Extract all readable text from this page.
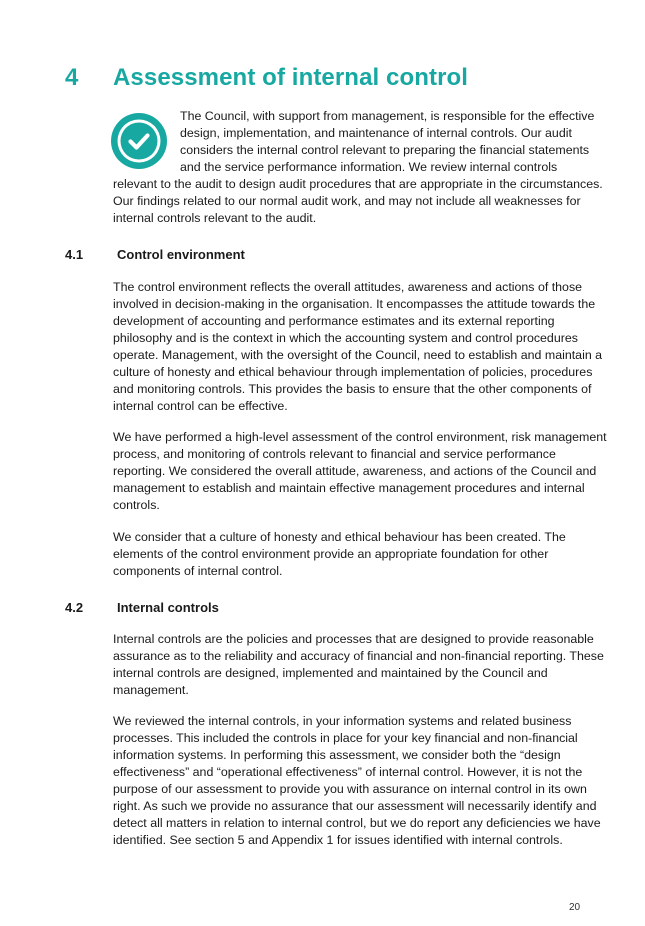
4 Assessment of internal control
The Council, with support from management, is responsible for the effective
design, implementation, and maintenance of internal controls. Our audit
considers the internal control relevant to preparing the financial statements
and the service performance information. We review internal controls
relevant to the audit to design audit procedures that are appropriate in the circumstances.
Our findings related to our normal audit work, and may not include all weaknesses for
internal controls relevant to the audit.
4.1	Control environment
The control environment reflects the overall attitudes, awareness and actions of those
involved in decision-making in the organisation. It encompasses the attitude towards the
development of accounting and performance estimates and its external reporting
philosophy and is the context in which the accounting system and control procedures
operate. Management, with the oversight of the Council, need to establish and maintain a
culture of honesty and ethical behaviour through implementation of policies, procedures
and monitoring controls. This provides the basis to ensure that the other components of
internal control can be effective.
We have performed a high-level assessment of the control environment, risk management
process, and monitoring of controls relevant to financial and service performance
reporting. We considered the overall attitude, awareness, and actions of the Council and
management to establish and maintain effective management procedures and internal
controls.
We consider that a culture of honesty and ethical behaviour has been created. The
elements of the control environment provide an appropriate foundation for other
components of internal control.
4.2	Internal controls
Internal controls are the policies and processes that are designed to provide reasonable
assurance as to the reliability and accuracy of financial and non-financial reporting. These
internal controls are designed, implemented and maintained by the Council and
management.
We reviewed the internal controls, in your information systems and related business
processes. This included the controls in place for your key financial and non-financial
information systems. In performing this assessment, we consider both the “design
effectiveness” and “operational effectiveness” of internal control. However, it is not the
purpose of our assessment to provide you with assurance on internal control in its own
right. As such we provide no assurance that our assessment will necessarily identify and
detect all matters in relation to internal control, but we do report any deficiencies we have
identified. See section 5 and Appendix 1 for issues identified with internal controls.
20
